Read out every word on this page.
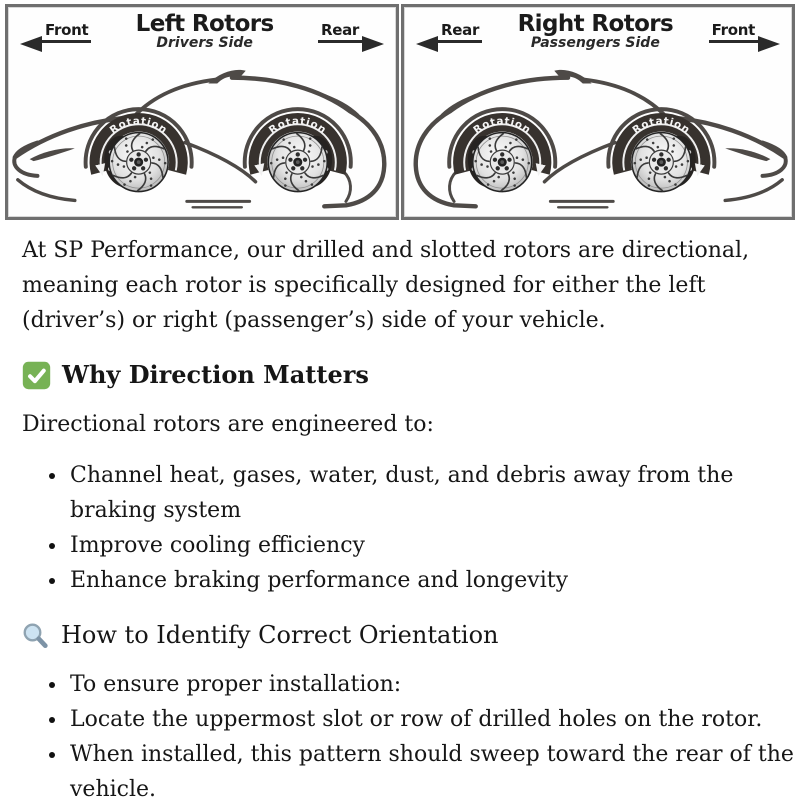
Front Left Rotors
Drivers Side
Rear
Rotation	Rotation
Rear Right Rotors
Passengers Side
Front
Rotation
Rotation

At SP Performance, our drilled and slotted rotors are directional,
meaning each rotor is specifically designed for either the left
(driver’s) or right (passenger’s) side of your vehicle.

Why Direction Matters

Directional rotors are engineered to:

• Channel heat, gases, water, dust, and debris away from the
braking system
• Improve cooling efficiency
• Enhance braking performance and longevity
How to Identify Correct Orientation
• To ensure proper installation:
• Locate the uppermost slot or row of drilled holes on the rotor.
• When installed, this pattern should sweep toward the rear of the
vehicle.
